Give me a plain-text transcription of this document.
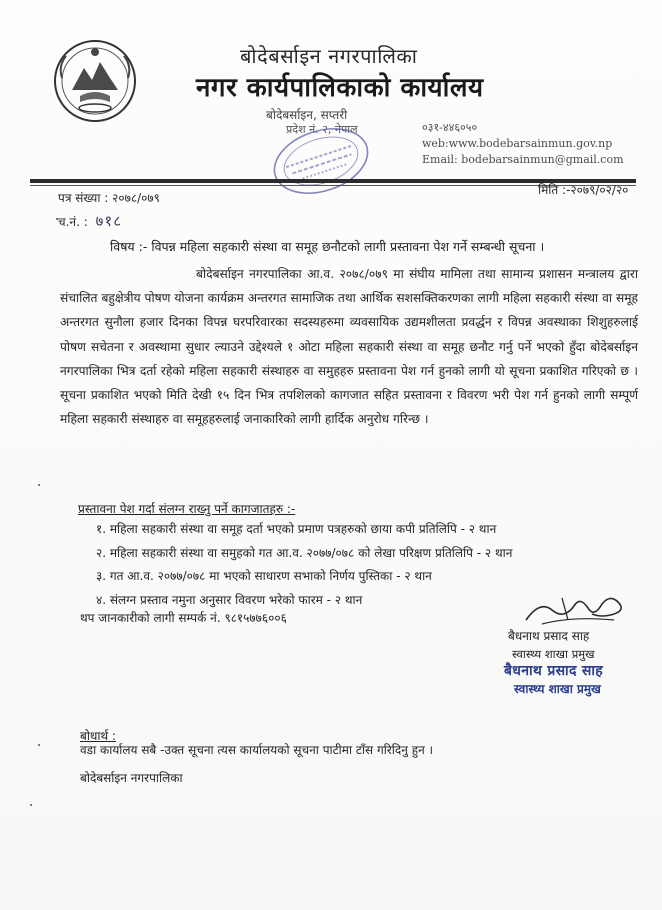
बोदेबर्साइन नगरपालिका
नगर कार्यपालिकाको कार्यालय
बोदेबर्साइन, सप्तरी
प्रदेश नं. २, नेपाल	०३१-४४६०५०
web:www.bodebarsainmun.gov.np
Email: bodebarsainmun@gmail.com
पत्र संख्या : २०७८/०७९
मिति :-२०७९/०२/२०
च.नं. : ७१८
विषय :- विपन्न महिला सहकारी संस्था वा समूह छनौटको लागी प्रस्तावना पेश गर्ने सम्बन्धी सूचना ।
बोदेबर्साइन नगरपालिका आ.व. २०७८/०७९ मा संघीय मामिला तथा सामान्य प्रशासन मन्त्रालय द्वारा संचालित बहुक्षेत्रीय पोषण योजना कार्यक्रम अन्तरगत सामाजिक तथा आर्थिक सशसक्तिकरणका लागी महिला सहकारी संस्था वा समूह अन्तरगत सुनौला हजार दिनका विपन्न घरपरिवारका सदस्यहरुमा व्यवसायिक उद्यमशीलता प्रवर्द्धन र विपन्न अवस्थाका शिशुहरुलाई पोषण सचेतना र अवस्थामा सुधार ल्याउने उद्देश्यले १ ओटा महिला सहकारी संस्था वा समूह छनौट गर्नु पर्ने भएको हुँदा बोदेबर्साइन नगरपालिका भित्र दर्ता रहेको महिला सहकारी संस्थाहरु वा समुहहरु प्रस्तावना पेश गर्न हुनको लागी यो सूचना प्रकाशित गरिएको छ । सूचना प्रकाशित भएको मिति देखी १५ दिन भित्र तपशिलको कागजात सहित प्रस्तावना र विवरण भरी पेश गर्न हुनको लागी सम्पूर्ण महिला सहकारी संस्थाहरु वा समूहहरुलाई जनाकारिको लागी हार्दिक अनुरोध गरिन्छ ।
प्रस्तावना पेश गर्दा संलग्न राख्नु पर्ने कागजातहरु :-
१. महिला सहकारी संस्था वा समूह दर्ता भएको प्रमाण पत्रहरुको छाया कपी प्रतिलिपि - २ थान
२. महिला सहकारी संस्था वा समुहको गत आ.व. २०७७/०७८ को लेखा परिक्षण प्रतिलिपि - २ थान
३. गत आ.व. २०७७/०७८ मा भएको साधारण सभाको निर्णय पुस्तिका - २ थान
४. संलग्न प्रस्ताव नमुना अनुसार विवरण भरेको फारम - २ थान
थप जानकारीको लागी सम्पर्क नं. ९८१५७७६००६
बैधनाथ प्रसाद साह
स्वास्थ्य शाखा प्रमुख
बैधनाथ प्रसाद साह
स्वास्थ्य शाखा प्रमुख
बोधार्थ :
वडा कार्यालय सबै -उक्त सूचना त्यस कार्यालयको सूचना पाटीमा टाँस गरिदिनु हुन ।
बोदेबर्साइन नगरपालिका
